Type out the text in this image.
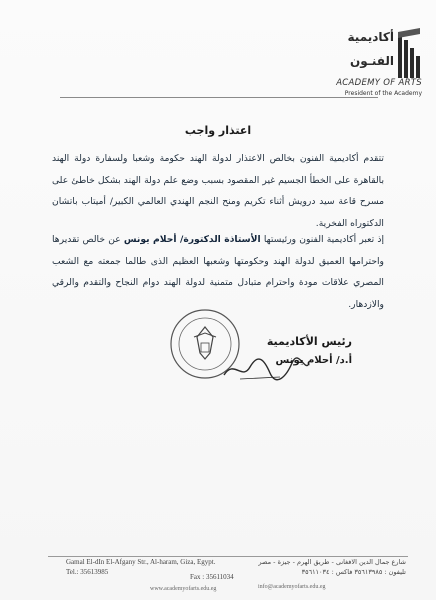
أكاديمية
الفنـون
ACADEMY OF ARTS
President of the Academy
اعتذار واجب
تتقدم أكاديمية الفنون بخالص الاعتذار لدولة الهند حكومة وشعبا ولسفارة دولة الهند بالقاهرة على الخطأ الجسيم غير المقصود بسبب وضع علم دولة الهند بشكل خاطئ على مسرح قاعة سيد درويش أثناء تكريم ومنح النجم الهندي العالمي الكبير/ أميتاب باتشان الدكتوراه الفخرية.
إذ تعبر أكاديمية الفنون ورئيستها الأستاذة الدكتورة/ أحلام يونس عن خالص تقديرها واحترامها العميق لدولة الهند وحكومتها وشعبها العظيم الذى طالما جمعته مع الشعب المصري علاقات مودة واحترام متبادل متمنية لدولة الهند دوام النجاح والتقدم والرقي والازدهار.
رئيس الأكاديمية
أ.د/ أحلام يونس
Gamal El-dIn El-Afgany Str., Al-haram, Giza, Egypt.
Tel.: 35613985
Fax : 35611034
www.academyofarts.edu.eg
شارع جمال الدين الافغانى - طريق الهرم - جيزة - مصر
تليفون : ٣٥٦١٣٩٨٥ فاكس : ٣٥٦١١٠٣٤
info@academyofarts.edu.eg
